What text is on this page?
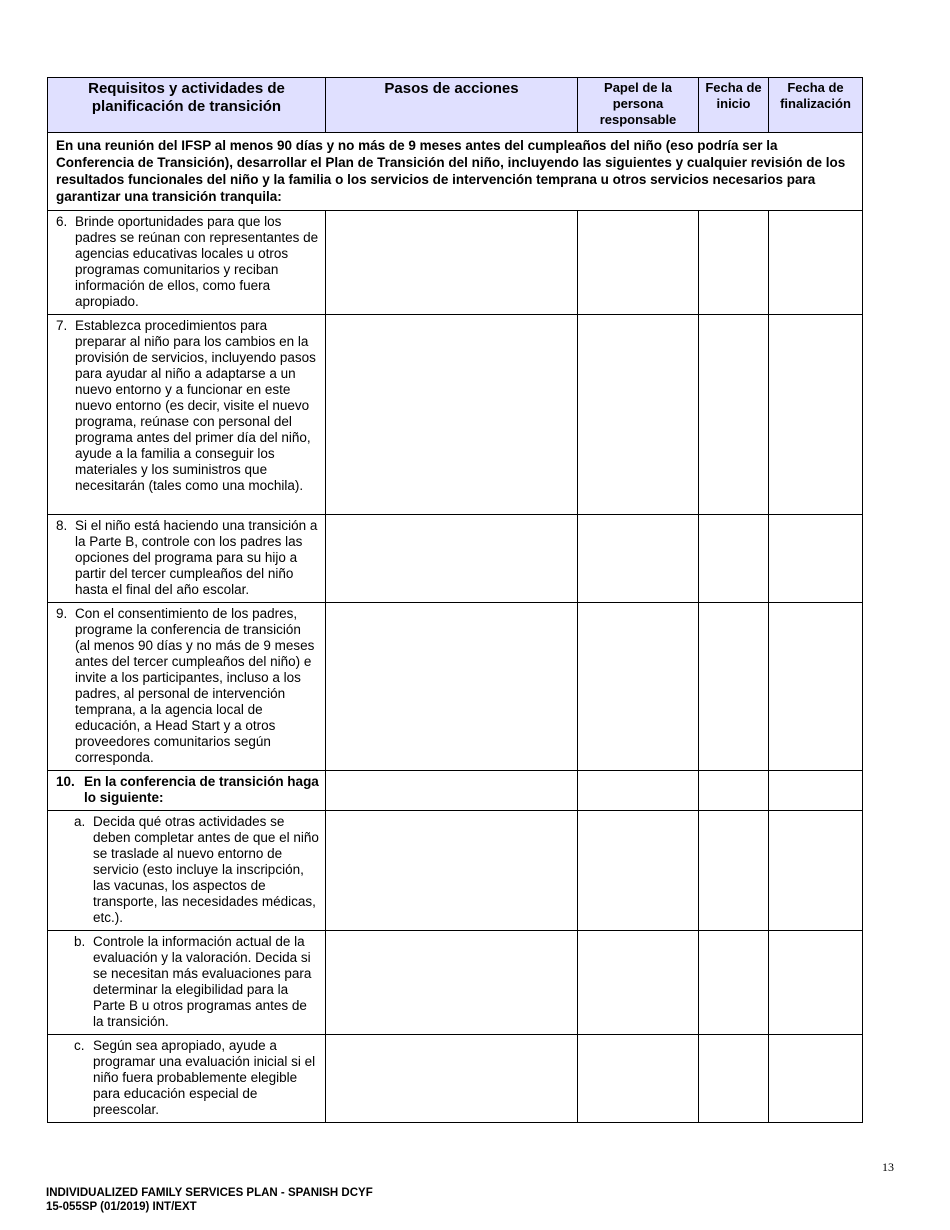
Requisitos y actividades de planificación de transición	Pasos de acciones	Papel de la persona responsable	Fecha de inicio	Fecha de finalización
En una reunión del IFSP al menos 90 días y no más de 9 meses antes del cumpleaños del niño (eso podría ser la Conferencia de Transición), desarrollar el Plan de Transición del niño, incluyendo las siguientes y cualquier revisión de los resultados funcionales del niño y la familia o los servicios de intervención temprana u otros servicios necesarios para garantizar una transición tranquila:				

6. Brinde oportunidades para que los padres se reúnan con representantes de agencias educativas locales u otros programas comunitarios y reciban información de ellos, como fuera apropiado.				

7. Establezca procedimientos para preparar al niño para los cambios en la provisión de servicios, incluyendo pasos para ayudar al niño a adaptarse a un nuevo entorno y a funcionar en este nuevo entorno (es decir, visite el nuevo programa, reúnase con personal del programa antes del primer día del niño, ayude a la familia a conseguir los materiales y los suministros que necesitarán (tales como una mochila).				

8. Si el niño está haciendo una transición a la Parte B, controle con los padres las opciones del programa para su hijo a partir del tercer cumpleaños del niño hasta el final del año escolar.				

9. Con el consentimiento de los padres, programe la conferencia de transición (al menos 90 días y no más de 9 meses antes del tercer cumpleaños del niño) e invite a los participantes, incluso a los padres, al personal de intervención temprana, a la agencia local de educación, a Head Start y a otros proveedores comunitarios según corresponda.				

10. En la conferencia de transición haga lo siguiente:				

a. Decida qué otras actividades se deben completar antes de que el niño se traslade al nuevo entorno de servicio (esto incluye la inscripción, las vacunas, los aspectos de transporte, las necesidades médicas, etc.).				

b. Controle la información actual de la evaluación y la valoración. Decida si se necesitan más evaluaciones para determinar la elegibilidad para la Parte B u otros programas antes de la transición.				

c. Según sea apropiado, ayude a programar una evaluación inicial si el niño fuera probablemente elegible para educación especial de preescolar.				

13
INDIVIDUALIZED FAMILY SERVICES PLAN - SPANISH DCYF
15-055SP (01/2019) INT/EXT
